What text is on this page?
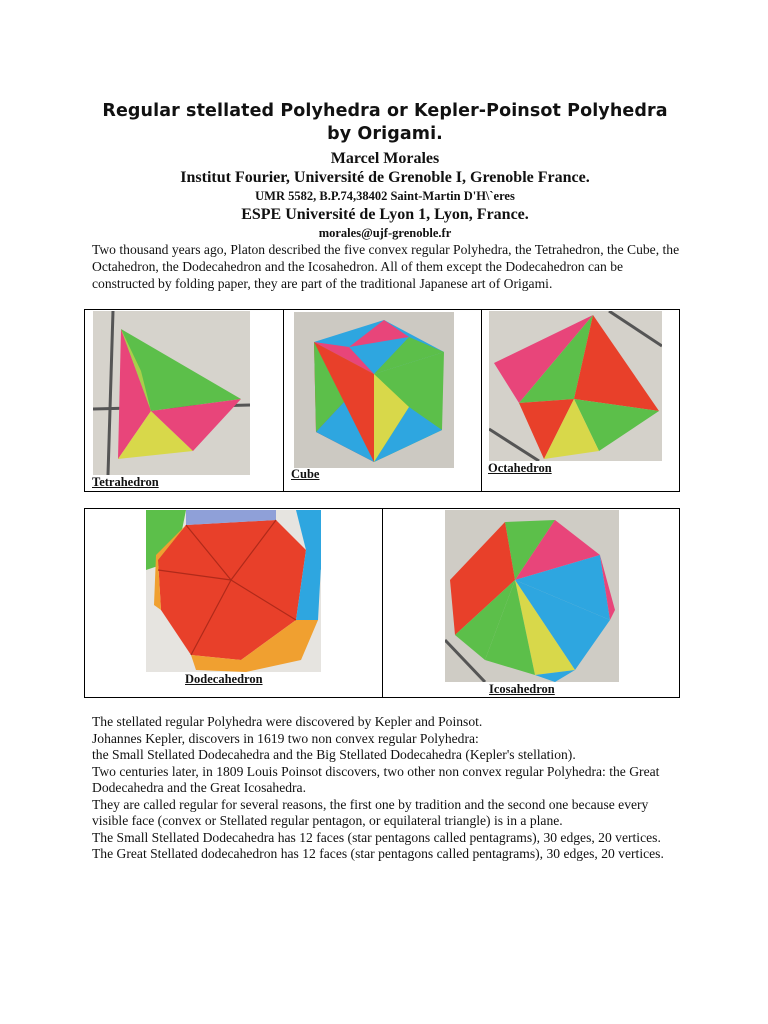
Regular stellated Polyhedra or Kepler-Poinsot Polyhedra by Origami.
Marcel Morales
Institut Fourier, Université de Grenoble I, Grenoble France.
UMR 5582, B.P.74,38402 Saint-Martin D'H\`eres
ESPE Université de Lyon 1, Lyon, France.
morales@ujf-grenoble.fr
Two thousand years ago, Platon described the five convex regular Polyhedra, the Tetrahedron, the Cube, the Octahedron, the Dodecahedron and the Icosahedron. All of them except the Dodecahedron can be constructed by folding paper, they are part of the traditional Japanese art of Origami.
Tetrahedron
Cube	Octahedron
Dodecahedron
Icosahedron

The stellated regular Polyhedra were discovered by Kepler and Poinsot.

Johannes Kepler, discovers in 1619 two non convex regular Polyhedra:

the Small Stellated Dodecahedra and the Big Stellated Dodecahedra (Kepler's stellation).

Two centuries later, in 1809 Louis Poinsot discovers, two other non convex regular Polyhedra: the Great Dodecahedra and the Great Icosahedra.

They are called regular for several reasons, the first one by tradition and the second one because every visible face (convex or Stellated regular pentagon, or equilateral triangle) is in a plane.

The Small Stellated Dodecahedra has 12 faces (star pentagons called pentagrams), 30 edges, 20 vertices.

The Great Stellated dodecahedron has 12 faces (star pentagons called pentagrams), 30 edges, 20 vertices.
